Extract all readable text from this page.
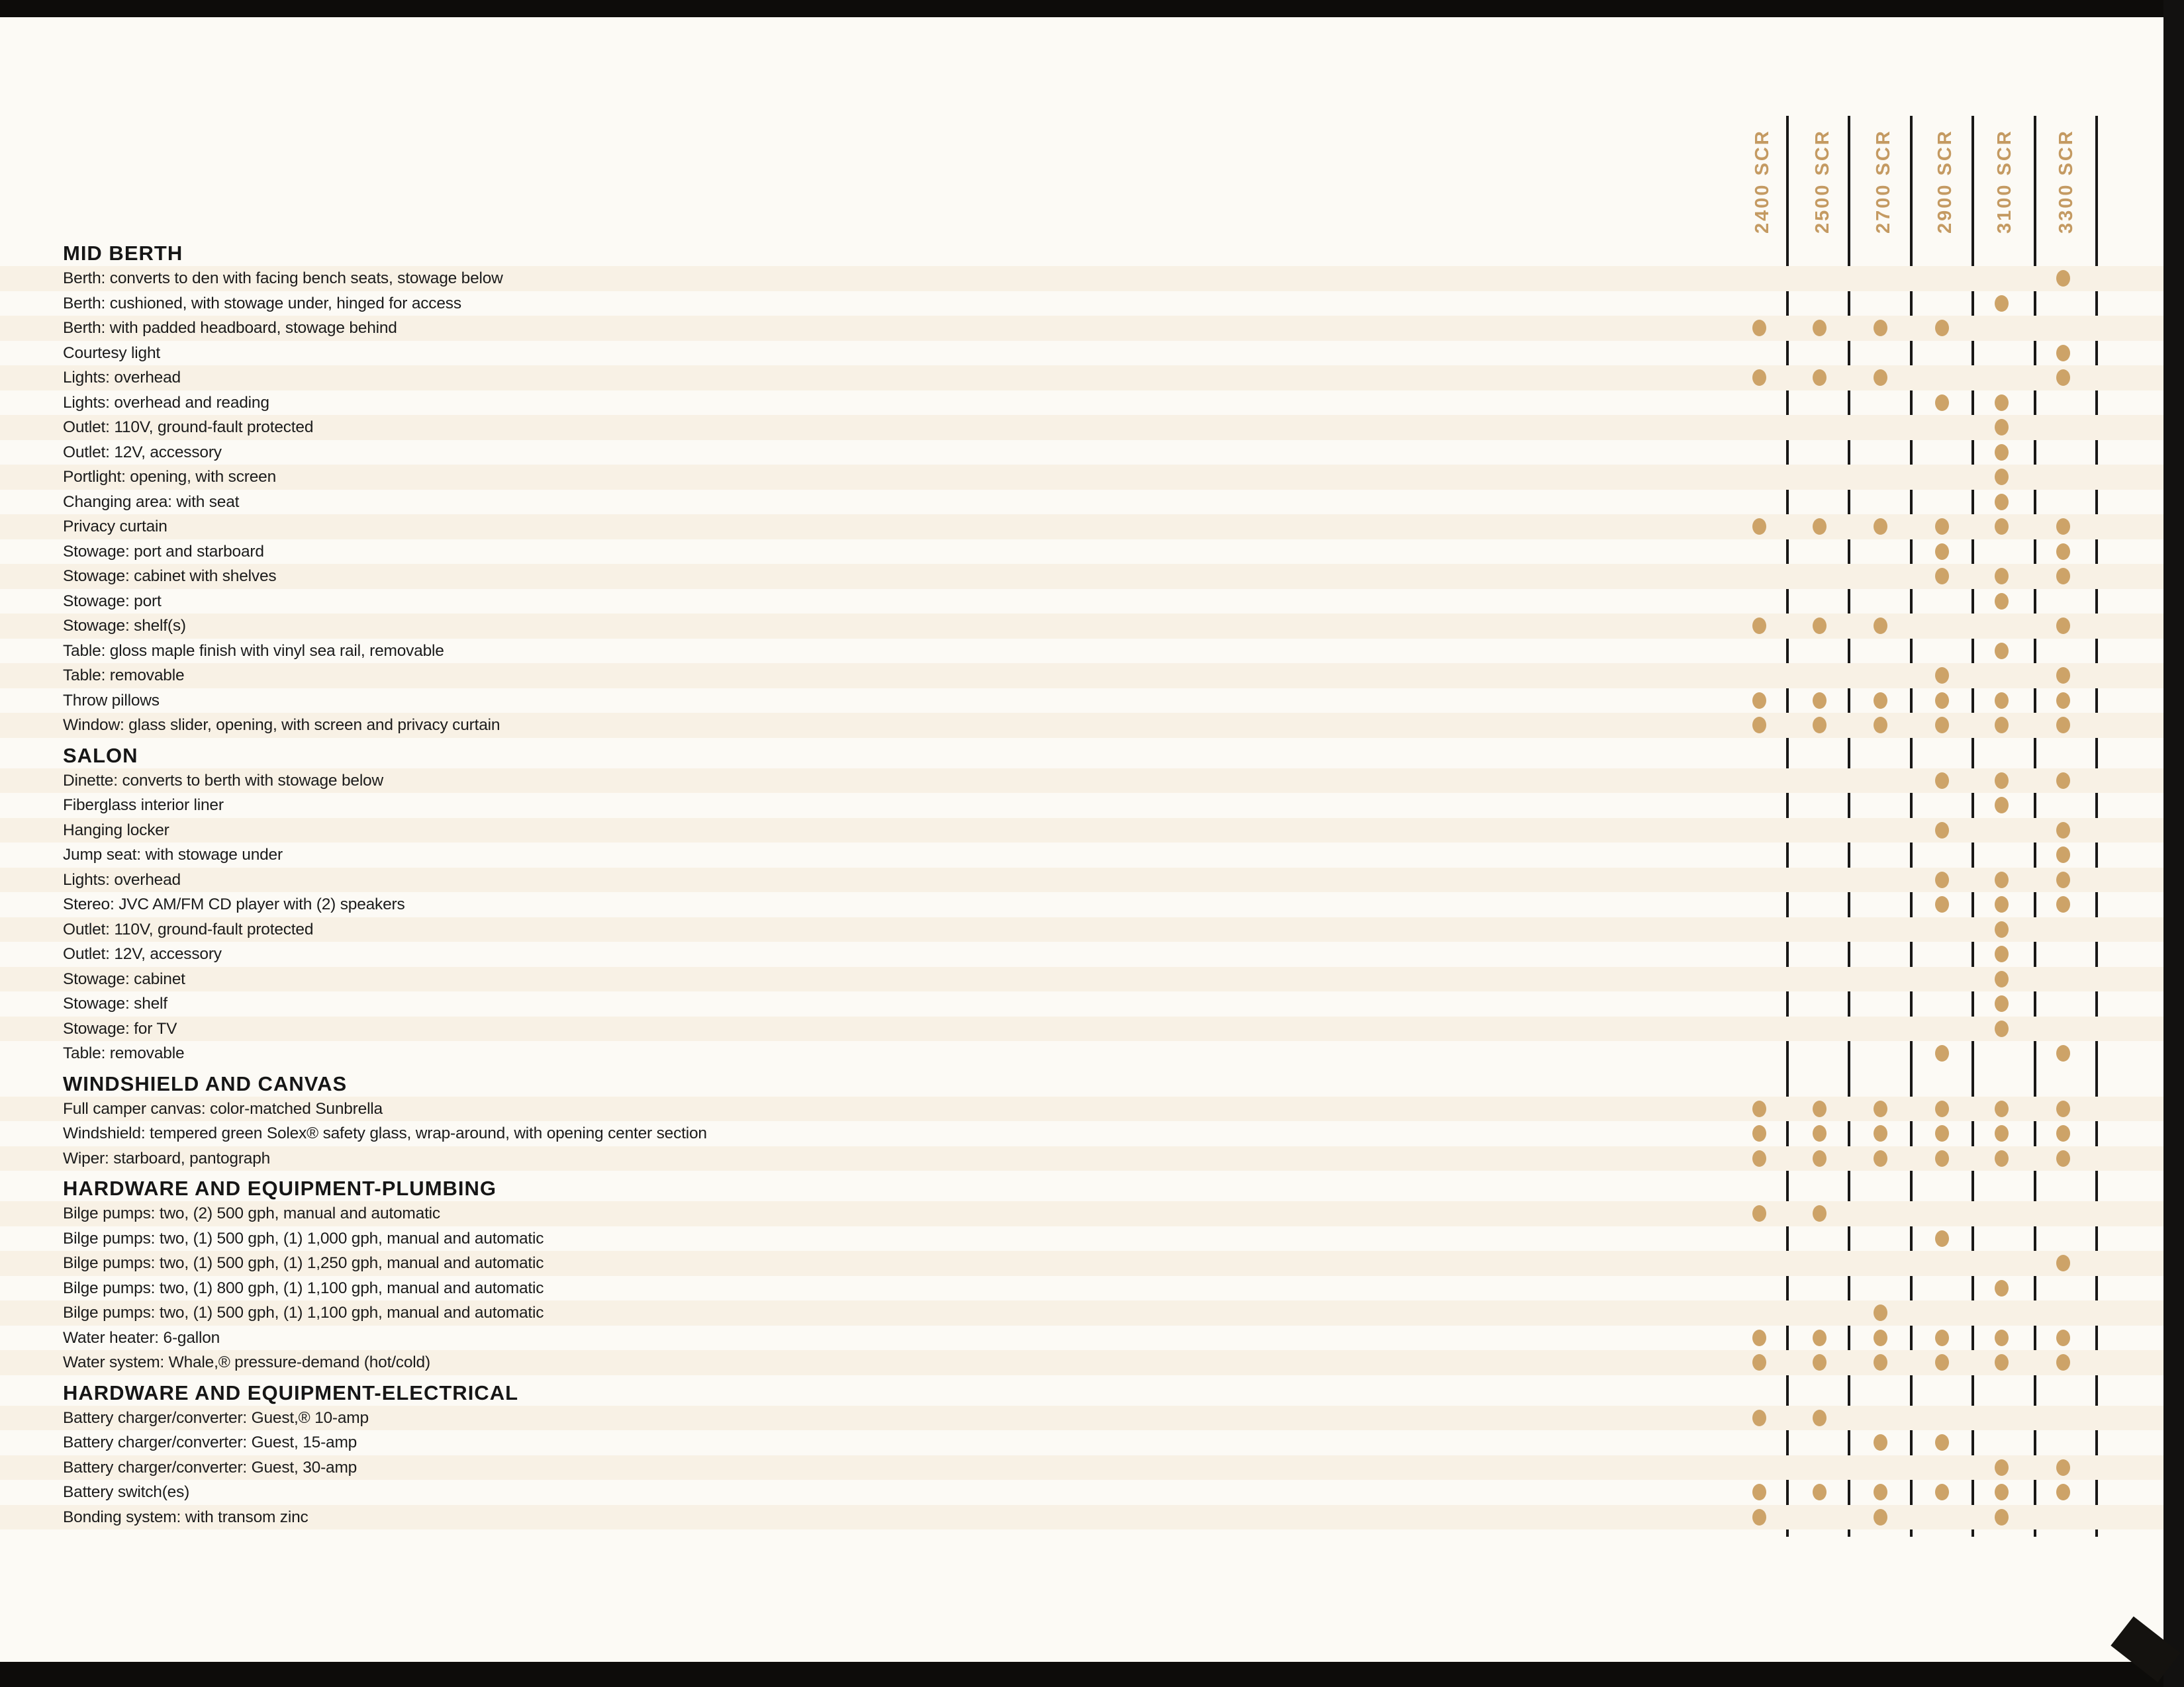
2400 SCR 2500 SCR 2700 SCR 2900 SCR 3100 SCR 3300 SCR
MID BERTH
Berth: converts to den with facing bench seats, stowage below
Berth: cushioned, with stowage under, hinged for access
Berth: with padded headboard, stowage behind
Courtesy light
Lights: overhead
Lights: overhead and reading
Outlet: 110V, ground-fault protected
Outlet: 12V, accessory
Portlight: opening, with screen
Changing area: with seat
Privacy curtain
Stowage: port and starboard
Stowage: cabinet with shelves
Stowage: port
Stowage: shelf(s)
Table: gloss maple finish with vinyl sea rail, removable
Table: removable
Throw pillows
Window: glass slider, opening, with screen and privacy curtain
SALON
Dinette: converts to berth with stowage below
Fiberglass interior liner
Hanging locker
Jump seat: with stowage under
Lights: overhead
Stereo: JVC AM/FM CD player with (2) speakers
Outlet: 110V, ground-fault protected
Outlet: 12V, accessory
Stowage: cabinet
Stowage: shelf
Stowage: for TV
Table: removable
WINDSHIELD AND CANVAS
Full camper canvas: color-matched Sunbrella
Windshield: tempered green Solex® safety glass, wrap-around, with opening center section
Wiper: starboard, pantograph
HARDWARE AND EQUIPMENT-PLUMBING
Bilge pumps: two, (2) 500 gph, manual and automatic
Bilge pumps: two, (1) 500 gph, (1) 1,000 gph, manual and automatic
Bilge pumps: two, (1) 500 gph, (1) 1,250 gph, manual and automatic
Bilge pumps: two, (1) 800 gph, (1) 1,100 gph, manual and automatic
Bilge pumps: two, (1) 500 gph, (1) 1,100 gph, manual and automatic
Water heater: 6-gallon
Water system: Whale,® pressure-demand (hot/cold)
HARDWARE AND EQUIPMENT-ELECTRICAL
Battery charger/converter: Guest,® 10-amp
Battery charger/converter: Guest, 15-amp
Battery charger/converter: Guest, 30-amp
Battery switch(es)
Bonding system: with transom zinc
